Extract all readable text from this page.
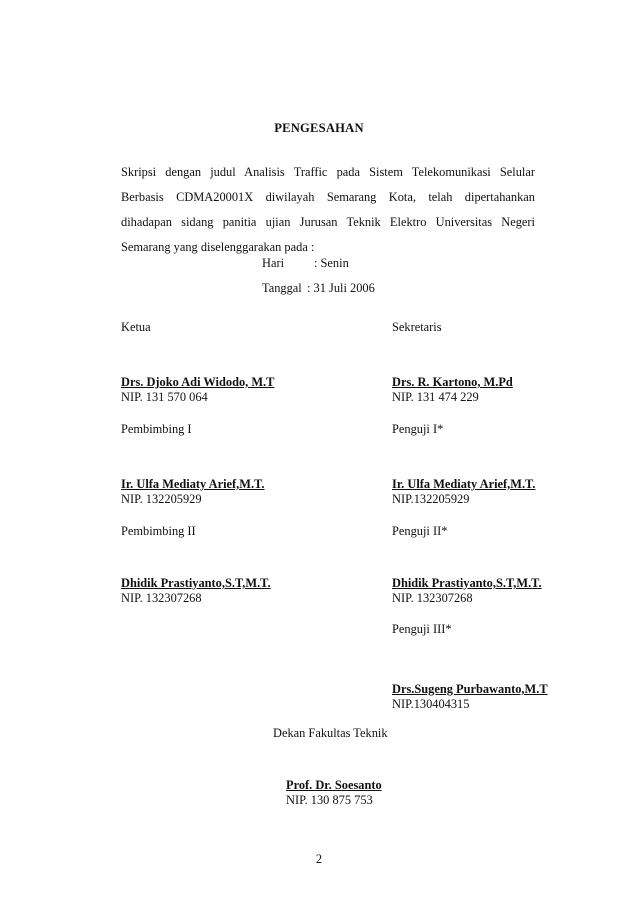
PENGESAHAN
Skripsi dengan judul Analisis Traffic pada Sistem Telekomunikasi Selular
Berbasis CDMA20001X diwilayah Semarang Kota, telah dipertahankan
dihadapan sidang panitia ujian Jurusan Teknik Elektro Universitas Negeri
Semarang yang diselenggarakan pada :
Hari : Senin
Tanggal : 31 Juli 2006
Ketua	Sekretaris
Drs. Djoko Adi Widodo, M.T	Drs. R. Kartono, M.Pd
NIP. 131 570 064	NIP. 131 474 229
Pembimbing I	Penguji I*
Ir. Ulfa Mediaty Arief,M.T.	Ir. Ulfa Mediaty Arief,M.T.
NIP. 132205929	NIP.132205929
Pembimbing II	Penguji II*
Dhidik Prastiyanto,S.T,M.T.	Dhidik Prastiyanto,S.T,M.T.
NIP. 132307268	NIP. 132307268
Penguji III*
Drs.Sugeng Purbawanto,M.T
NIP.130404315
Dekan Fakultas Teknik
Prof. Dr. Soesanto
NIP. 130 875 753
2
